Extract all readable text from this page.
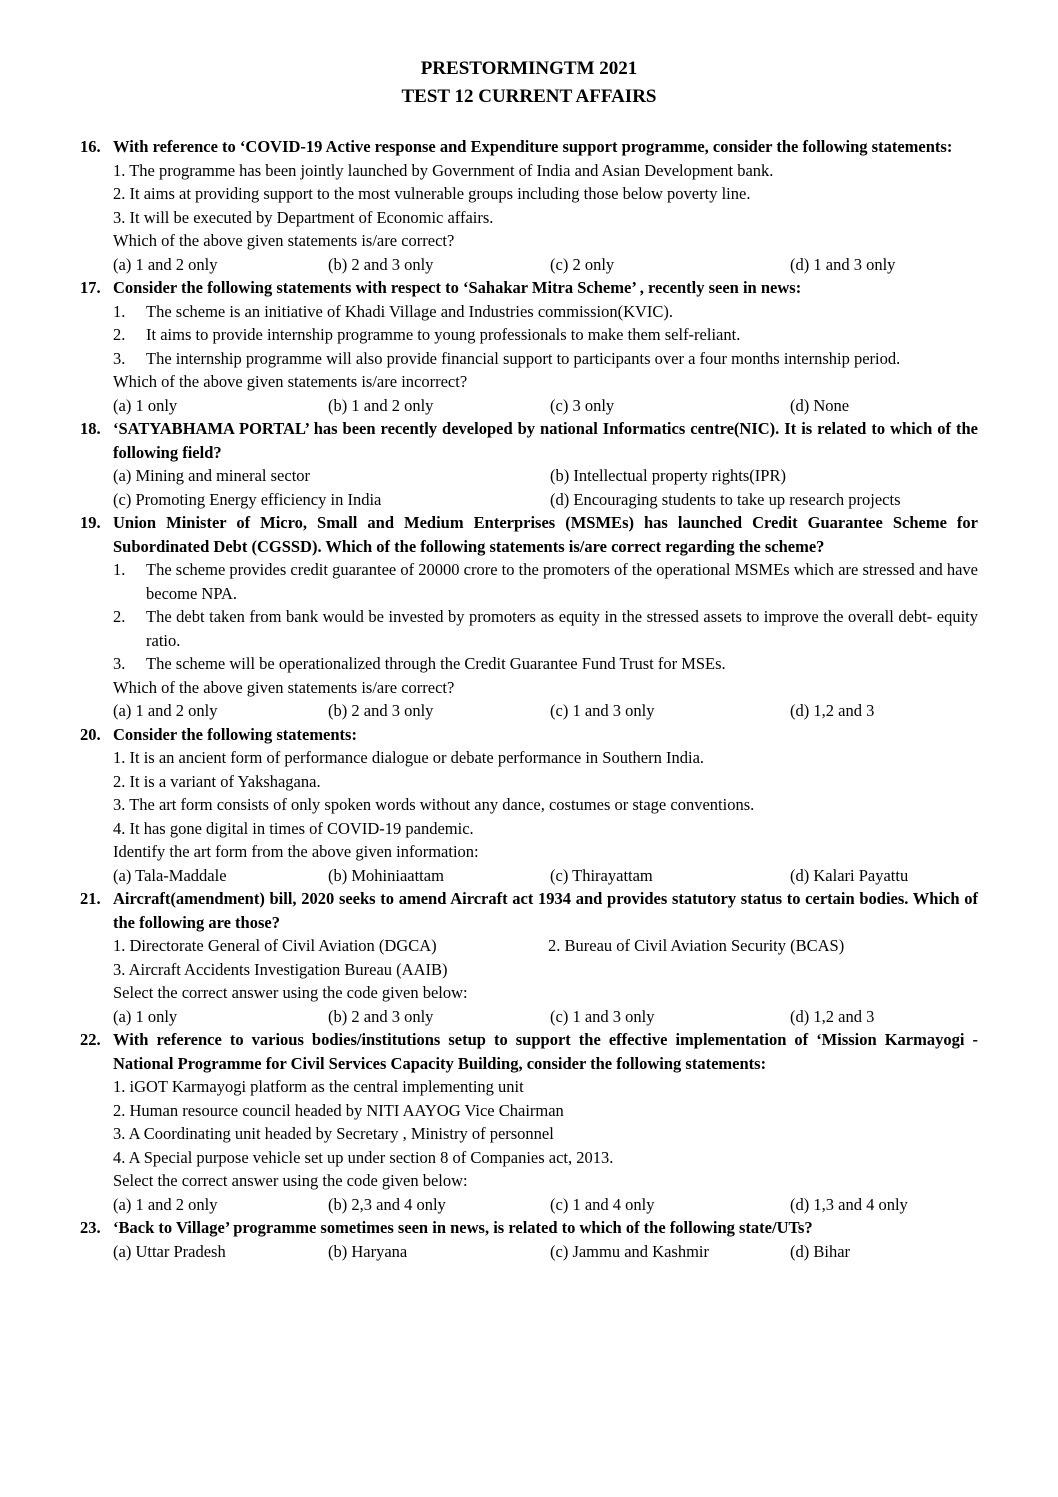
PRESTORMINGTM 2021
TEST 12 CURRENT AFFAIRS
16. With reference to ‘COVID-19 Active response and Expenditure support programme, consider the following statements:
1. The programme has been jointly launched by Government of India and Asian Development bank.
2. It aims at providing support to the most vulnerable groups including those below poverty line.
3. It will be executed by Department of Economic affairs.
Which of the above given statements is/are correct?
(a) 1 and 2 only	(b) 2 and 3 only	(c) 2 only	(d) 1 and 3 only
17. Consider the following statements with respect to ‘Sahakar Mitra Scheme’ , recently seen in news:
1.	The scheme is an initiative of Khadi Village and Industries commission(KVIC).
2.	It aims to provide internship programme to young professionals to make them self-reliant.
3.	The internship programme will also provide financial support to participants over a four months internship period.
Which of the above given statements is/are incorrect?
(a) 1 only	(b) 1 and 2 only	(c) 3 only	(d) None
18. ‘SATYABHAMA PORTAL’ has been recently developed by national Informatics centre(NIC). It is related to which of the following field?
(a) Mining and mineral sector	(b) Intellectual property rights(IPR)
(c) Promoting Energy efficiency in India	(d) Encouraging students to take up research projects
19. Union Minister of Micro, Small and Medium Enterprises (MSMEs) has launched Credit Guarantee Scheme for Subordinated Debt (CGSSD). Which of the following statements is/are correct regarding the scheme?
1.	The scheme provides credit guarantee of 20000 crore to the promoters of the operational MSMEs which are stressed and have become NPA.
2.	The debt taken from bank would be invested by promoters as equity in the stressed assets to improve the overall debt- equity ratio.
3.	The scheme will be operationalized through the Credit Guarantee Fund Trust for MSEs.
Which of the above given statements is/are correct?
(a) 1 and 2 only	(b) 2 and 3 only	(c) 1 and 3 only	(d) 1,2 and 3
20. Consider the following statements:
1. It is an ancient form of performance dialogue or debate performance in Southern India.
2. It is a variant of Yakshagana.
3. The art form consists of only spoken words without any dance, costumes or stage conventions.
4. It has gone digital in times of COVID-19 pandemic.
Identify the art form from the above given information:
(a) Tala-Maddale	(b) Mohiniaattam	(c) Thirayattam	(d) Kalari Payattu
21. Aircraft(amendment) bill, 2020 seeks to amend Aircraft act 1934 and provides statutory status to certain bodies. Which of the following are those?
1. Directorate General of Civil Aviation (DGCA)	2. Bureau of Civil Aviation Security (BCAS)
3. Aircraft Accidents Investigation Bureau (AAIB)
Select the correct answer using the code given below:
(a) 1 only	(b) 2 and 3 only	(c) 1 and 3 only	(d) 1,2 and 3
22. With reference to various bodies/institutions setup to support the effective implementation of ‘Mission Karmayogi - National Programme for Civil Services Capacity Building, consider the following statements:
1. iGOT Karmayogi platform as the central implementing unit
2. Human resource council headed by NITI AAYOG Vice Chairman
3. A Coordinating unit headed by Secretary , Ministry of personnel
4. A Special purpose vehicle set up under section 8 of Companies act, 2013.
Select the correct answer using the code given below:
(a) 1 and 2 only	(b) 2,3 and 4 only	(c) 1 and 4 only	(d) 1,3 and 4 only
23. ‘Back to Village’ programme sometimes seen in news, is related to which of the following state/UTs?
(a) Uttar Pradesh	(b) Haryana	(c) Jammu and Kashmir	(d) Bihar
